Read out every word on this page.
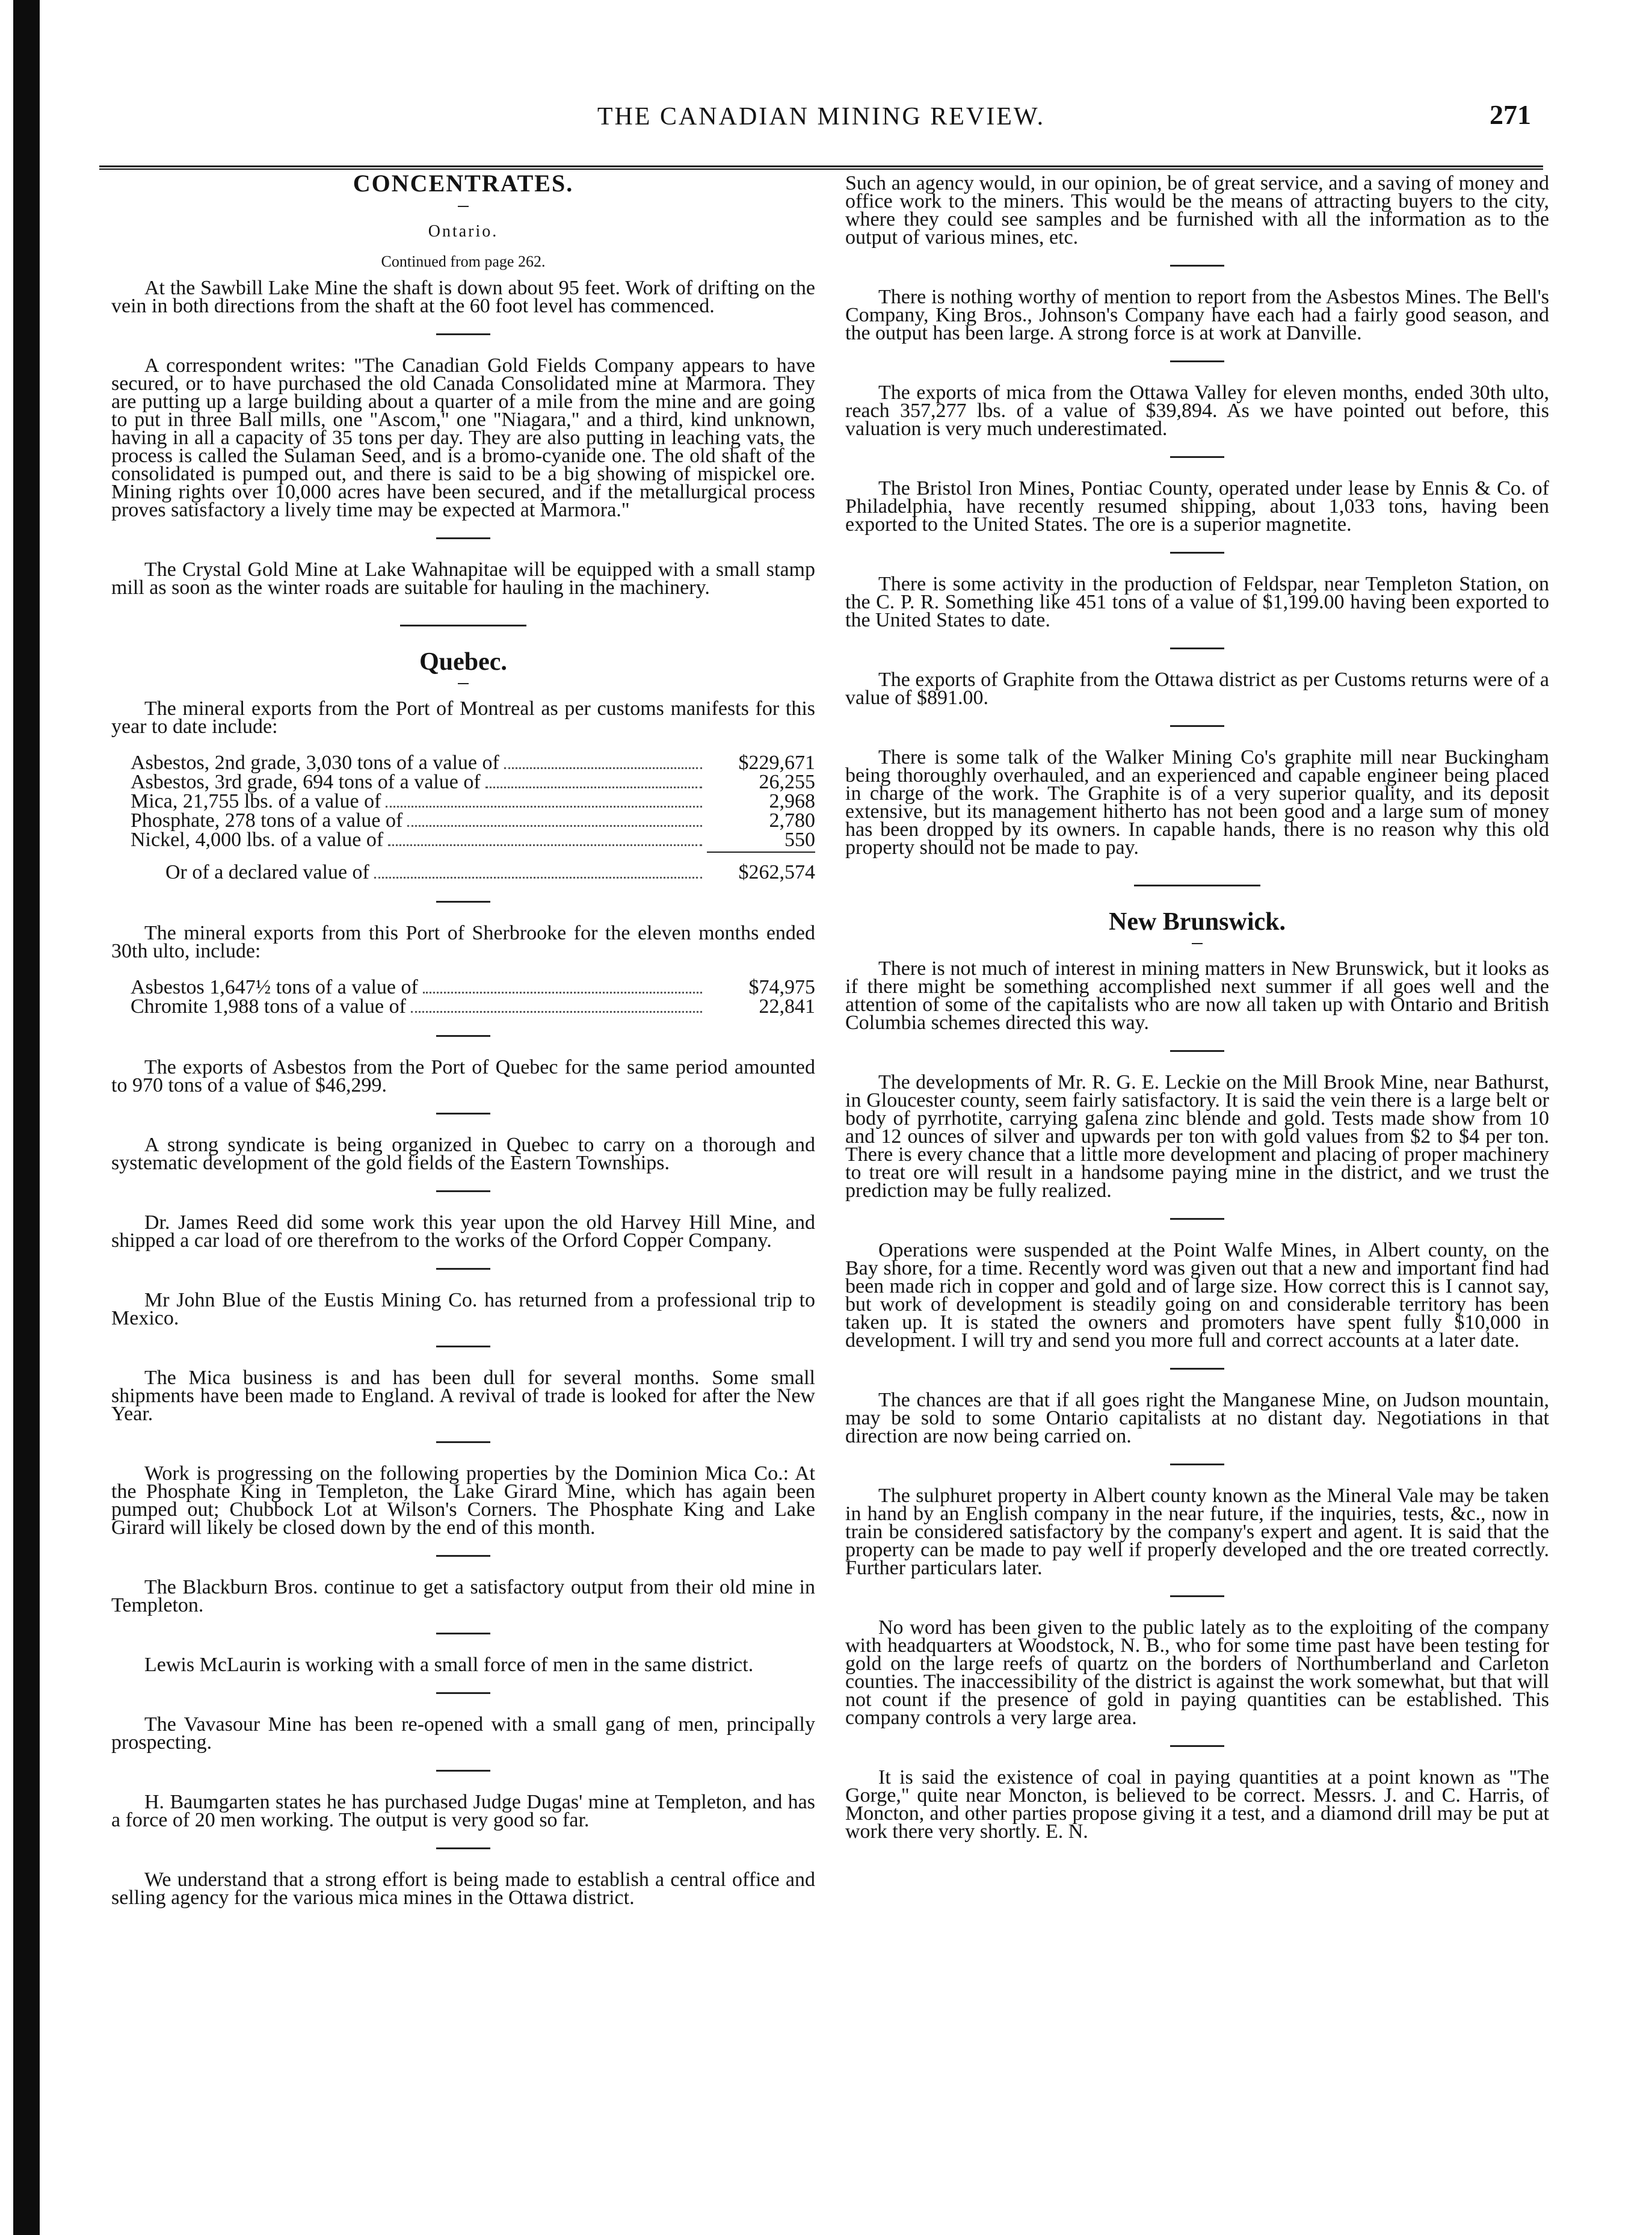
THE CANADIAN MINING REVIEW.	271
CONCENTRATES.
Ontario.
Continued from page 262.

At the Sawbill Lake Mine the shaft is down about 95 feet. Work of drifting on the vein in both directions from the shaft at the 60 foot level has commenced.

A correspondent writes: "The Canadian Gold Fields Company appears to have secured, or to have purchased the old Canada Consolidated mine at Marmora. They are putting up a large building about a quarter of a mile from the mine and are going to put in three Ball mills, one "Ascom," one "Niagara," and a third, kind unknown, having in all a capacity of 35 tons per day. They are also putting in leaching vats, the process is called the Sulaman Seed, and is a bromo-cyanide one. The old shaft of the consolidated is pumped out, and there is said to be a big showing of mispickel ore. Mining rights over 10,000 acres have been secured, and if the metallurgical process proves satisfactory a lively time may be expected at Marmora."

The Crystal Gold Mine at Lake Wahnapitae will be equipped with a small stamp mill as soon as the winter roads are suitable for hauling in the machinery.

Quebec.

The mineral exports from the Port of Montreal as per customs manifests for this year to date include:

Asbestos, 2nd grade, 3,030 tons of a value of	$229,671
Asbestos, 3rd grade, 694 tons of a value of	26,255
Mica, 21,755 lbs. of a value of	2,968
Phosphate, 278 tons of a value of	2,780
Nickel, 4,000 lbs. of a value of	550
Or of a declared value of	$262,574

The mineral exports from this Port of Sherbrooke for the eleven months ended 30th ulto, include:

Asbestos 1,647½ tons of a value of	$74,975
Chromite 1,988 tons of a value of	22,841

The exports of Asbestos from the Port of Quebec for the same period amounted to 970 tons of a value of $46,299.

A strong syndicate is being organized in Quebec to carry on a thorough and systematic development of the gold fields of the Eastern Townships.

Dr. James Reed did some work this year upon the old Harvey Hill Mine, and shipped a car load of ore therefrom to the works of the Orford Copper Company.

Mr John Blue of the Eustis Mining Co. has returned from a professional trip to Mexico.

The Mica business is and has been dull for several months. Some small shipments have been made to England. A revival of trade is looked for after the New Year.

Work is progressing on the following properties by the Dominion Mica Co.: At the Phosphate King in Templeton, the Lake Girard Mine, which has again been pumped out; Chubbock Lot at Wilson's Corners. The Phosphate King and Lake Girard will likely be closed down by the end of this month.

The Blackburn Bros. continue to get a satisfactory output from their old mine in Templeton.

Lewis McLaurin is working with a small force of men in the same district.

The Vavasour Mine has been re-opened with a small gang of men, principally prospecting.

H. Baumgarten states he has purchased Judge Dugas' mine at Templeton, and has a force of 20 men working. The output is very good so far.

We understand that a strong effort is being made to establish a central office and selling agency for the various mica mines in the Ottawa district.

Such an agency would, in our opinion, be of great service, and a saving of money and office work to the miners. This would be the means of attracting buyers to the city, where they could see samples and be furnished with all the information as to the output of various mines, etc.

There is nothing worthy of mention to report from the Asbestos Mines. The Bell's Company, King Bros., Johnson's Company have each had a fairly good season, and the output has been large. A strong force is at work at Danville.

The exports of mica from the Ottawa Valley for eleven months, ended 30th ulto, reach 357,277 lbs. of a value of $39,894. As we have pointed out before, this valuation is very much underestimated.

The Bristol Iron Mines, Pontiac County, operated under lease by Ennis & Co. of Philadelphia, have recently resumed shipping, about 1,033 tons, having been exported to the United States. The ore is a superior magnetite.

There is some activity in the production of Feldspar, near Templeton Station, on the C. P. R. Something like 451 tons of a value of $1,199.00 having been exported to the United States to date.

The exports of Graphite from the Ottawa district as per Customs returns were of a value of $891.00.

There is some talk of the Walker Mining Co's graphite mill near Buckingham being thoroughly overhauled, and an experienced and capable engineer being placed in charge of the work. The Graphite is of a very superior quality, and its deposit extensive, but its management hitherto has not been good and a large sum of money has been dropped by its owners. In capable hands, there is no reason why this old property should not be made to pay.

New Brunswick.

There is not much of interest in mining matters in New Brunswick, but it looks as if there might be something accomplished next summer if all goes well and the attention of some of the capitalists who are now all taken up with Ontario and British Columbia schemes directed this way.

The developments of Mr. R. G. E. Leckie on the Mill Brook Mine, near Bathurst, in Gloucester county, seem fairly satisfactory. It is said the vein there is a large belt or body of pyrrhotite, carrying galena zinc blende and gold. Tests made show from 10 and 12 ounces of silver and upwards per ton with gold values from $2 to $4 per ton. There is every chance that a little more development and placing of proper machinery to treat ore will result in a handsome paying mine in the district, and we trust the prediction may be fully realized.

Operations were suspended at the Point Walfe Mines, in Albert county, on the Bay shore, for a time. Recently word was given out that a new and important find had been made rich in copper and gold and of large size. How correct this is I cannot say, but work of development is steadily going on and considerable territory has been taken up. It is stated the owners and promoters have spent fully $10,000 in development. I will try and send you more full and correct accounts at a later date.

The chances are that if all goes right the Manganese Mine, on Judson mountain, may be sold to some Ontario capitalists at no distant day. Negotiations in that direction are now being carried on.

The sulphuret property in Albert county known as the Mineral Vale may be taken in hand by an English company in the near future, if the inquiries, tests, &c., now in train be considered satisfactory by the company's expert and agent. It is said that the property can be made to pay well if properly developed and the ore treated correctly. Further particulars later.

No word has been given to the public lately as to the exploiting of the company with headquarters at Woodstock, N. B., who for some time past have been testing for gold on the large reefs of quartz on the borders of Northumberland and Carleton counties. The inaccessibility of the district is against the work somewhat, but that will not count if the presence of gold in paying quantities can be established. This company controls a very large area.

It is said the existence of coal in paying quantities at a point known as "The Gorge," quite near Moncton, is believed to be correct. Messrs. J. and C. Harris, of Moncton, and other parties propose giving it a test, and a diamond drill may be put at work there very shortly. E. N.
